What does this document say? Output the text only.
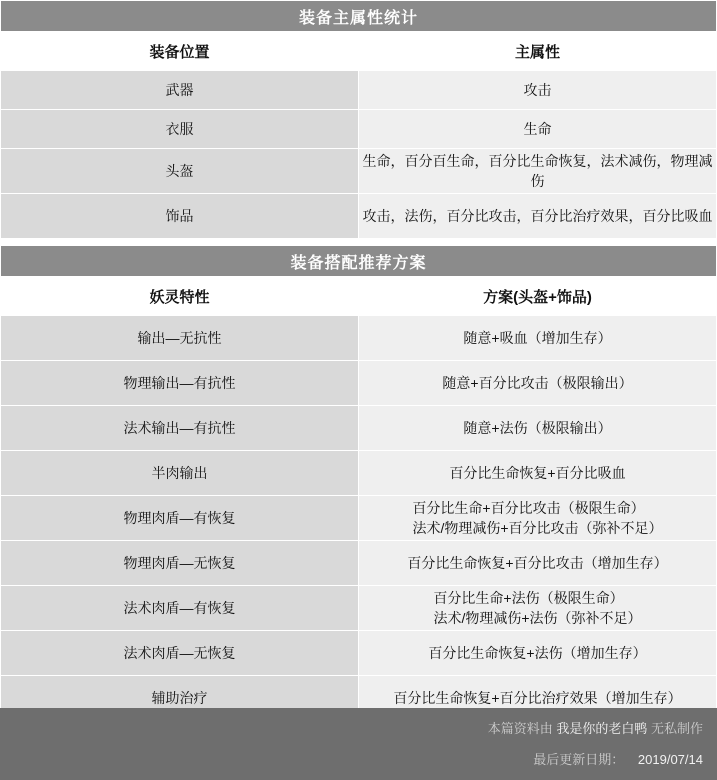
装备主属性统计	
装备位置	主属性
武器	攻击
衣服	生命
头盔	生命，百分百生命，百分比生命恢复，法术减伤，物理减伤
饰品	攻击，法伤，百分比攻击，百分比治疗效果，百分比吸血

装备搭配推荐方案	
妖灵特性	方案(头盔+饰品)
输出—无抗性	随意+吸血（增加生存）
物理输出—有抗性	随意+百分比攻击（极限输出）
法术输出—有抗性	随意+法伤（极限输出）
半肉输出	百分比生命恢复+百分比吸血
物理肉盾—有恢复	百分比生命+百分比攻击（极限生命）法术/物理减伤+百分比攻击（弥补不足）
物理肉盾—无恢复	百分比生命恢复+百分比攻击（增加生存）
法术肉盾—有恢复	百分比生命+法伤（极限生命）法术/物理减伤+法伤（弥补不足）
法术肉盾—无恢复	百分比生命恢复+法伤（增加生存）
辅助治疗	百分比生命恢复+百分比治疗效果（增加生存）
本篇资料由 我是你的老白鸭 无私制作
最后更新日期： 2019/07/14
